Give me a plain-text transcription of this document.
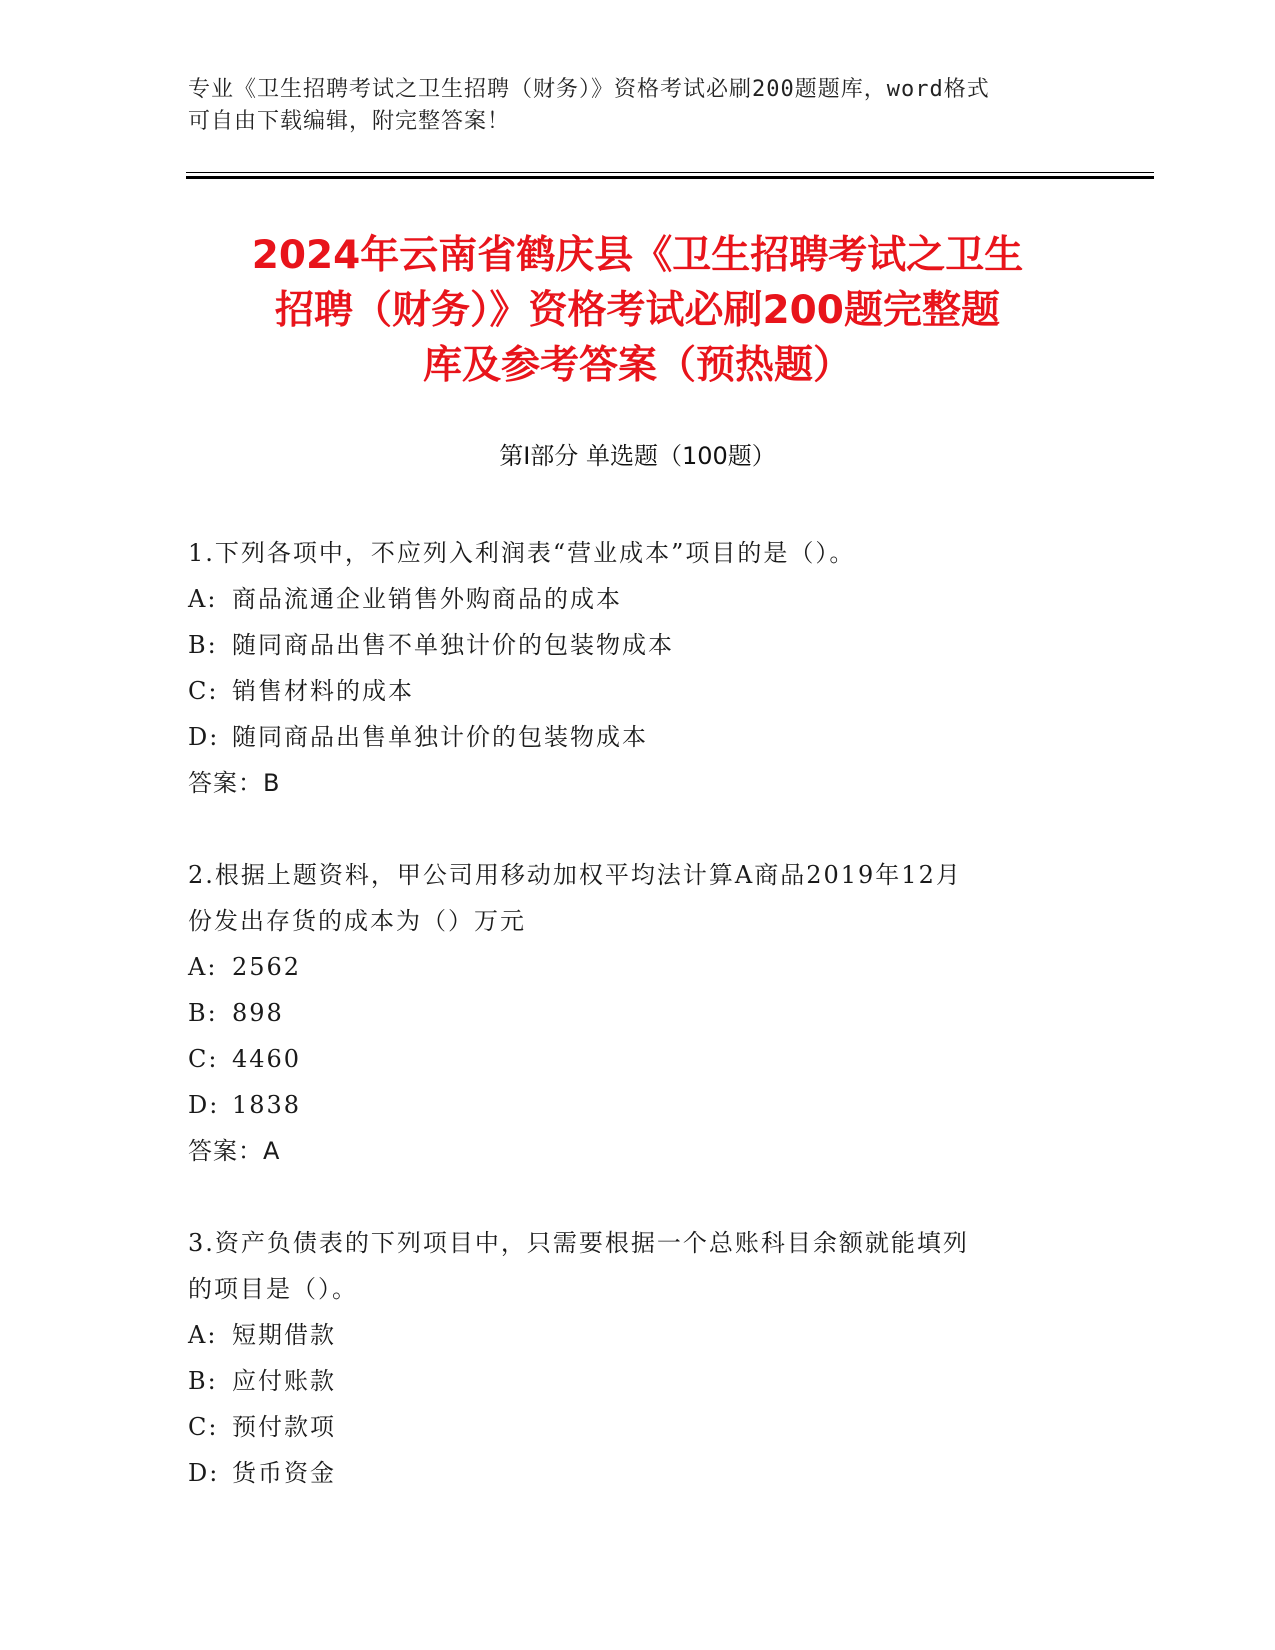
专业《卫生招聘考试之卫生招聘（财务）》资格考试必刷200题题库，word格式
可自由下载编辑，附完整答案！
2024年云南省鹤庆县《卫生招聘考试之卫生
招聘（财务）》资格考试必刷200题完整题
库及参考答案（预热题）
第Ⅰ部分 单选题（100题）
1.下列各项中，不应列入利润表“营业成本”项目的是（）。
A: 商品流通企业销售外购商品的成本
B: 随同商品出售不单独计价的包装物成本
C: 销售材料的成本
D: 随同商品出售单独计价的包装物成本
答案：B
2.根据上题资料，甲公司用移动加权平均法计算A商品2019年12月
份发出存货的成本为（）万元
A: 2562
B: 898
C: 4460
D: 1838
答案：A
3.资产负债表的下列项目中，只需要根据一个总账科目余额就能填列
的项目是（）。
A: 短期借款
B: 应付账款
C: 预付款项
D: 货币资金
